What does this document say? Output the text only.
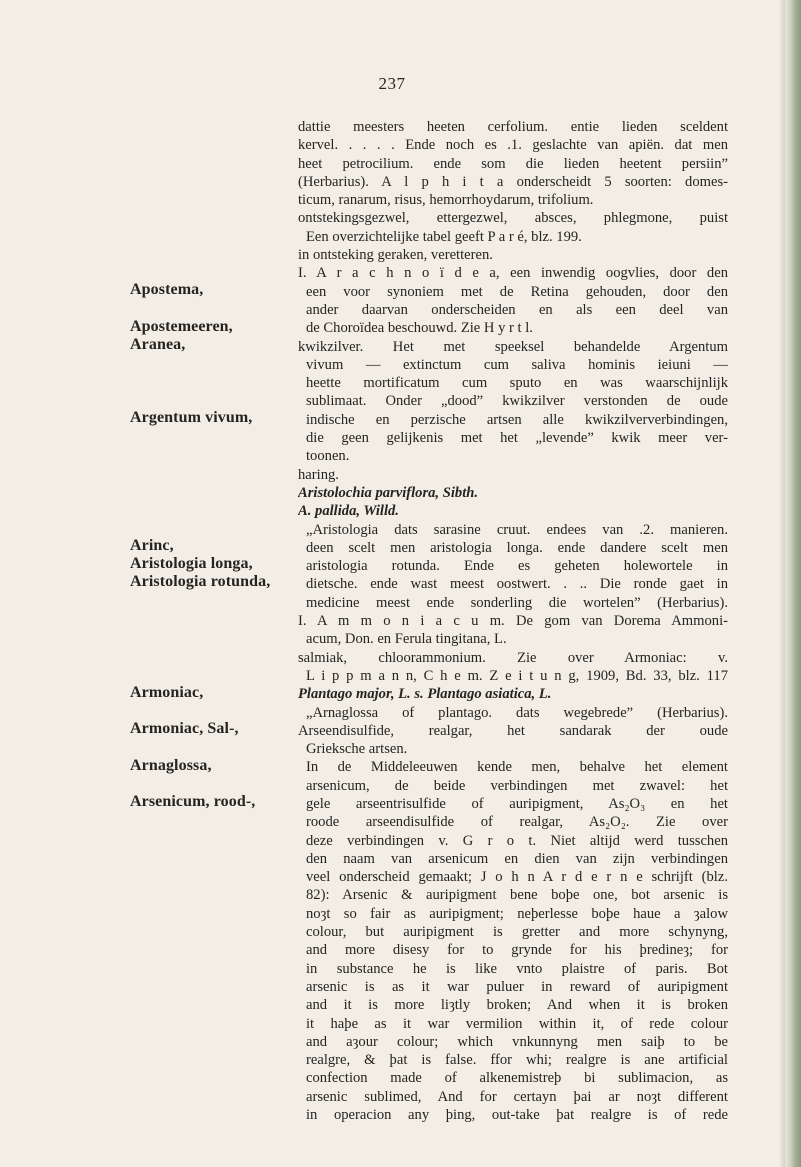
237
Apostema,
Apostemeeren,
Aranea,
Argentum vivum,
Arinc,
Aristologia longa,
Aristologia rotunda,
Armoniac,
Armoniac, Sal-,
Arnaglossa,
Arsenicum, rood-,
dattie meesters heeten cerfolium. entie lieden sceldent
kervel. . . . . Ende noch es .1. geslachte van apiën. dat men
heet petrocilium. ende som die lieden heetent persiin”
(Herbarius). A l p h i t a onderscheidt 5 soorten: domes-
ticum, ranarum, risus, hemorrhoydarum, trifolium.
ontstekingsgezwel, ettergezwel, absces, phlegmone, puist
Een overzichtelijke tabel geeft P a r é, blz. 199.
in ontsteking geraken, veretteren.
I. A r a c h n o ï d e a, een inwendig oogvlies, door den
een voor synoniem met de Retina gehouden, door den
ander daarvan onderscheiden en als een deel van
de Choroïdea beschouwd. Zie H y r t l.
kwikzilver. Het met speeksel behandelde Argentum
vivum — extinctum cum saliva hominis ieiuni —
heette mortificatum cum sputo en was waarschijnlijk
sublimaat. Onder „dood” kwikzilver verstonden de oude
indische en perzische artsen alle kwikzilververbindingen,
die geen gelijkenis met het „levende” kwik meer ver-
toonen.
haring.
Aristolochia parviflora, Sibth.
A. pallida, Willd.
„Aristologia dats sarasine cruut. endees van .2. manieren.
deen scelt men aristologia longa. ende dandere scelt men
aristologia rotunda. Ende es geheten holewortele in
dietsche. ende wast meest oostwert. . .. Die ronde gaet in
medicine meest ende sonderling die wortelen” (Herbarius).
I. A m m o n i a c u m. De gom van Dorema Ammoni-
acum, Don. en Ferula tingitana, L.
salmiak, chloorammonium. Zie over Armoniac: v.
L i p p m a n n, C h e m. Z e i t u n g, 1909, Bd. 33, blz. 117
Plantago major, L. s. Plantago asiatica, L.
„Arnaglossa of plantago. dats wegebrede” (Herbarius).
Arseendisulfide, realgar, het sandarak der oude
Grieksche artsen.
In de Middeleeuwen kende men, behalve het element
arsenicum, de beide verbindingen met zwavel: het
gele arseentrisulfide of auripigment, As₂O₃ en het
roode arseendisulfide of realgar, As₂O₂. Zie over
deze verbindingen v. G r o t. Niet altijd werd tusschen
den naam van arsenicum en dien van zijn verbindingen
veel onderscheid gemaakt; J o h n A r d e r n e schrijft (blz.
82): Arsenic & auripigment bene boþe one, bot arsenic is
noȝt so fair as auripigment; neþerlesse boþe haue a ȝalow
colour, but auripigment is gretter and more schynyng,
and more disesy for to grynde for his þredineȝ; for
in substance he is like vnto plaistre of paris. Bot
arsenic is as it war puluer in reward of auripigment
and it is more liȝtly broken; And when it is broken
it haþe as it war vermilion within it, of rede colour
and aȝour colour; which vnkunnyng men saiþ to be
realgre, & þat is false. ffor whi; realgre is ane artificial
confection made of alkenemistreþ bi sublimacion, as
arsenic sublimed, And for certayn þai ar noȝt different
in operacion any þing, out-take þat realgre is of rede
